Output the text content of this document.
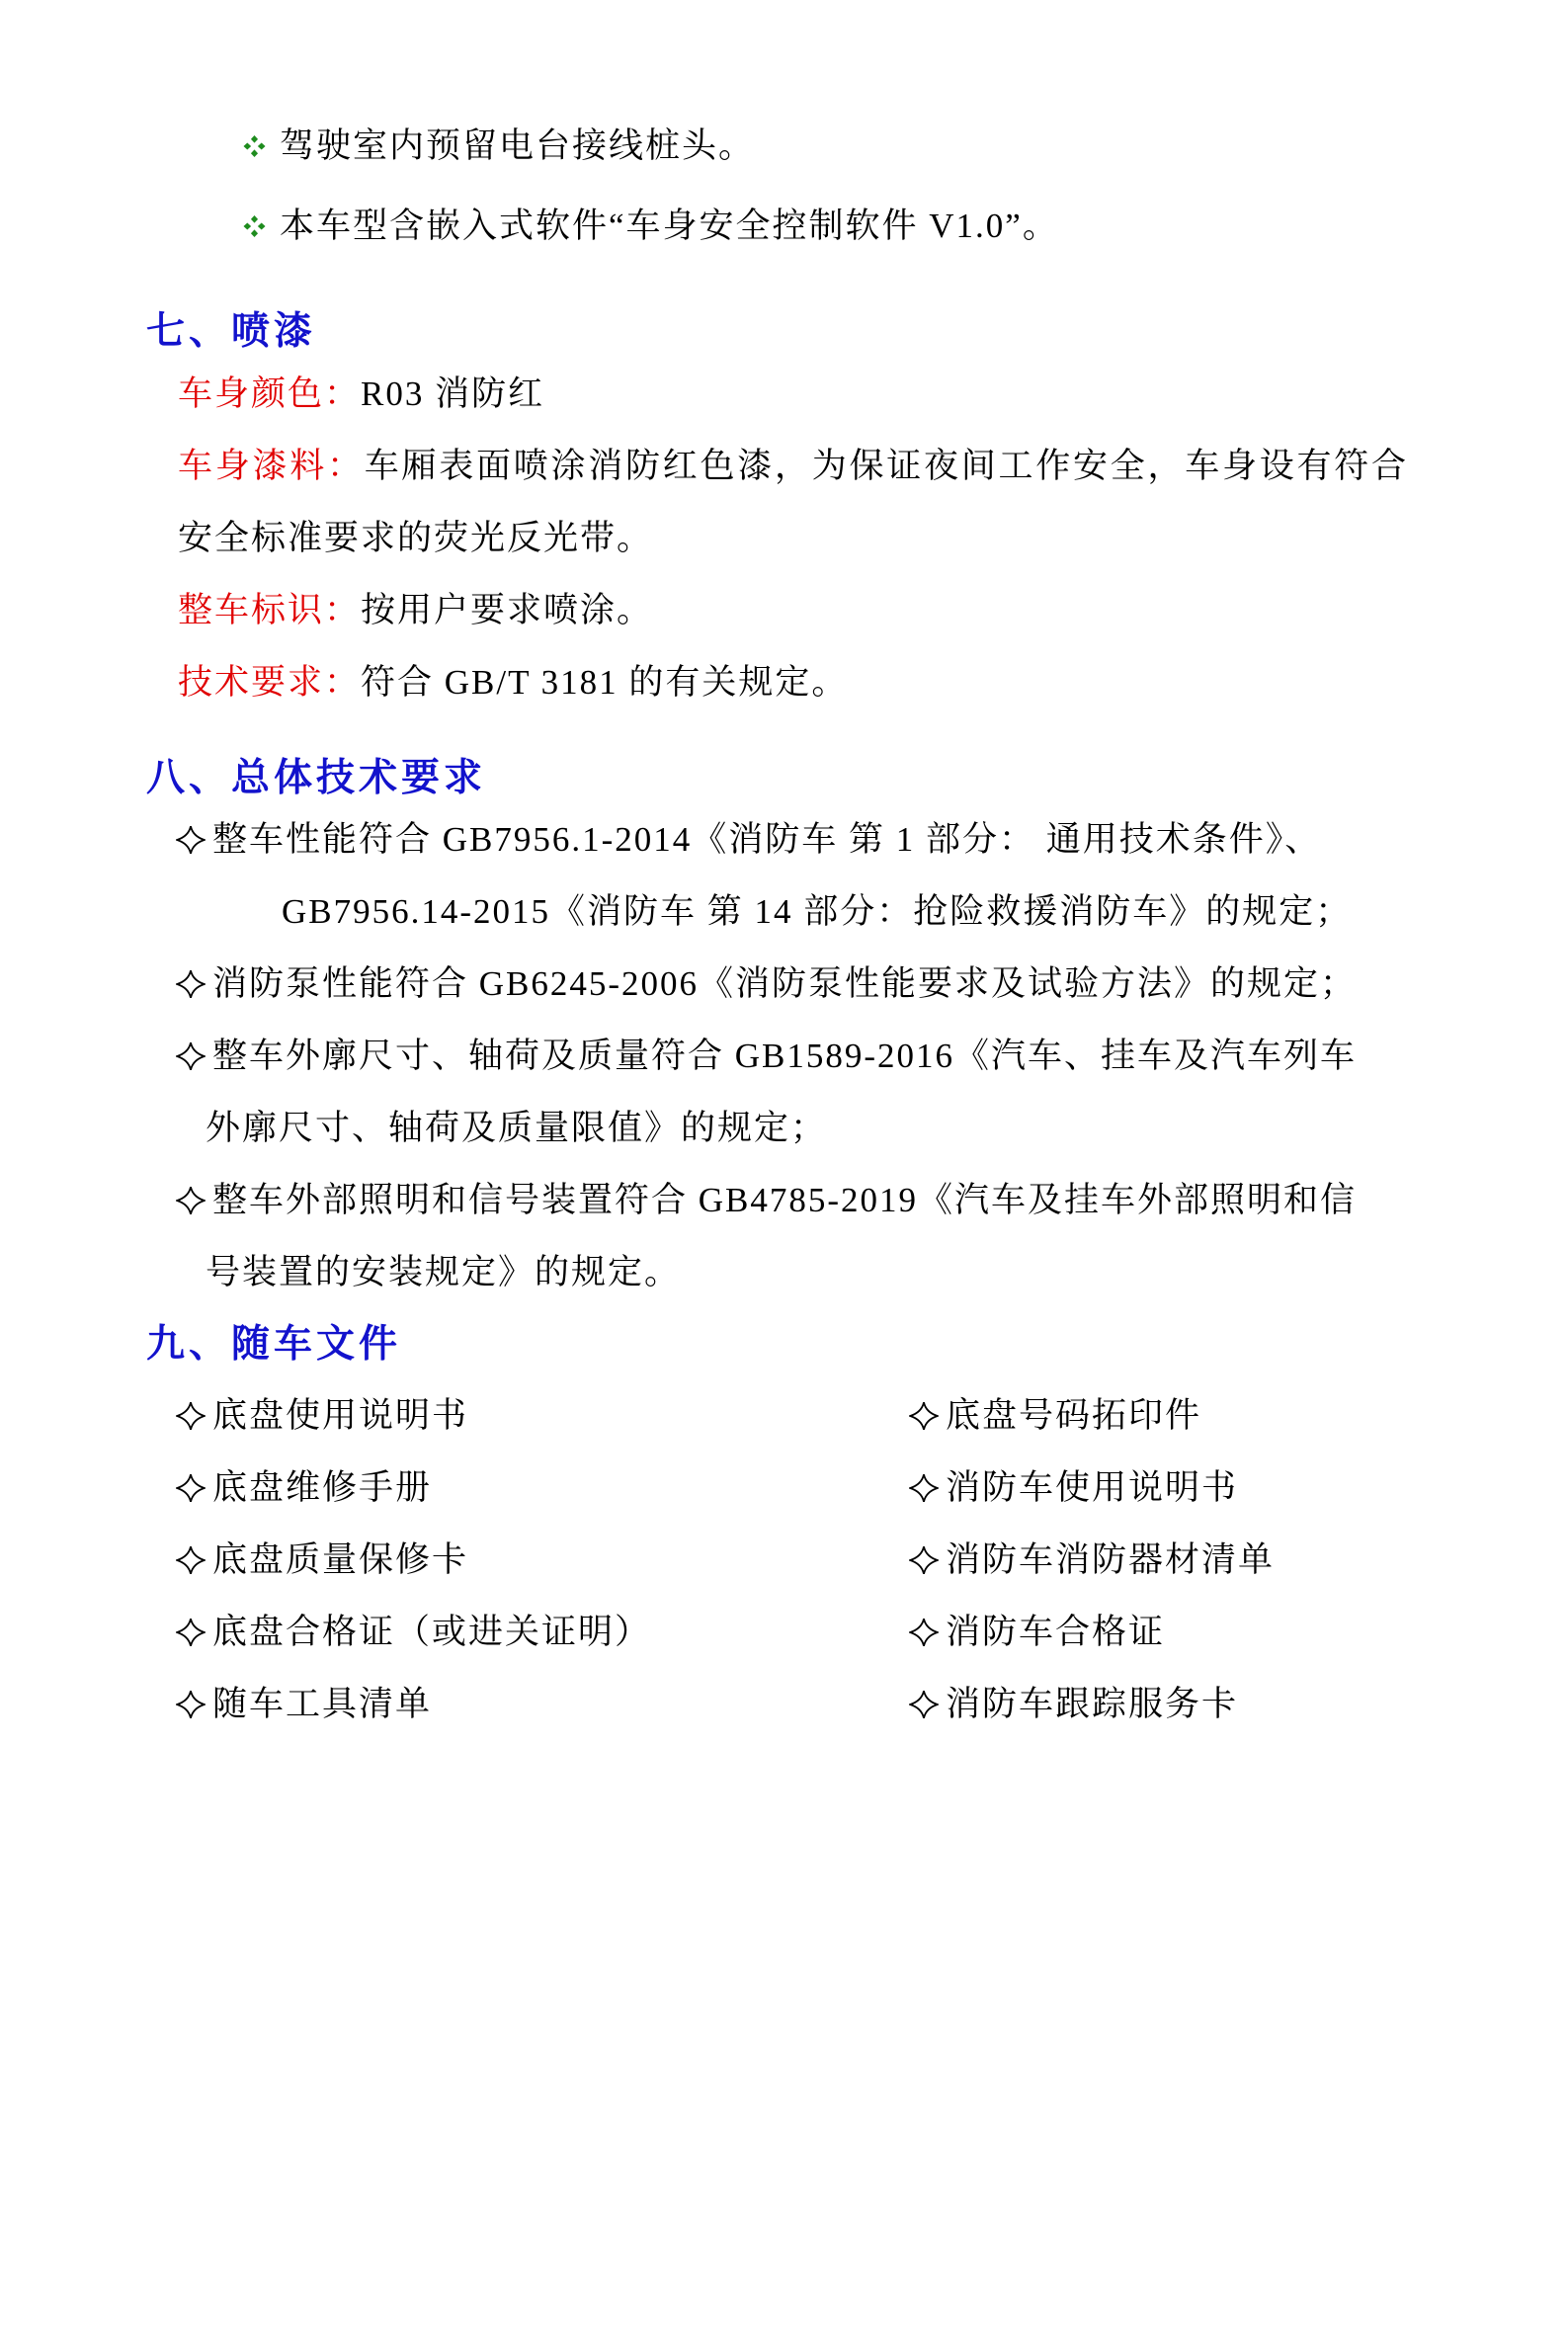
驾驶室内预留电台接线桩头。
本车型含嵌入式软件“车身安全控制软件 V1.0”。
七、喷漆

车身颜色：R03 消防红

车身漆料：车厢表面喷涂消防红色漆，为保证夜间工作安全，车身设有符合安全标准要求的荧光反光带。

整车标识：按用户要求喷涂。

技术要求：符合 GB/T 3181 的有关规定。

八、总体技术要求
整车性能符合 GB7956.1-2014《消防车 第 1 部分： 通用技术条件》、
GB7956.14-2015《消防车 第 14 部分：抢险救援消防车》的规定；
消防泵性能符合 GB6245-2006《消防泵性能要求及试验方法》的规定；
整车外廓尺寸、轴荷及质量符合 GB1589-2016《汽车、挂车及汽车列车
外廓尺寸、轴荷及质量限值》的规定；
整车外部照明和信号装置符合 GB4785-2019《汽车及挂车外部照明和信
号装置的安装规定》的规定。
九、随车文件
底盘使用说明书	底盘号码拓印件
底盘维修手册	消防车使用说明书
底盘质量保修卡	消防车消防器材清单
底盘合格证（或进关证明）	消防车合格证
随车工具清单	消防车跟踪服务卡
